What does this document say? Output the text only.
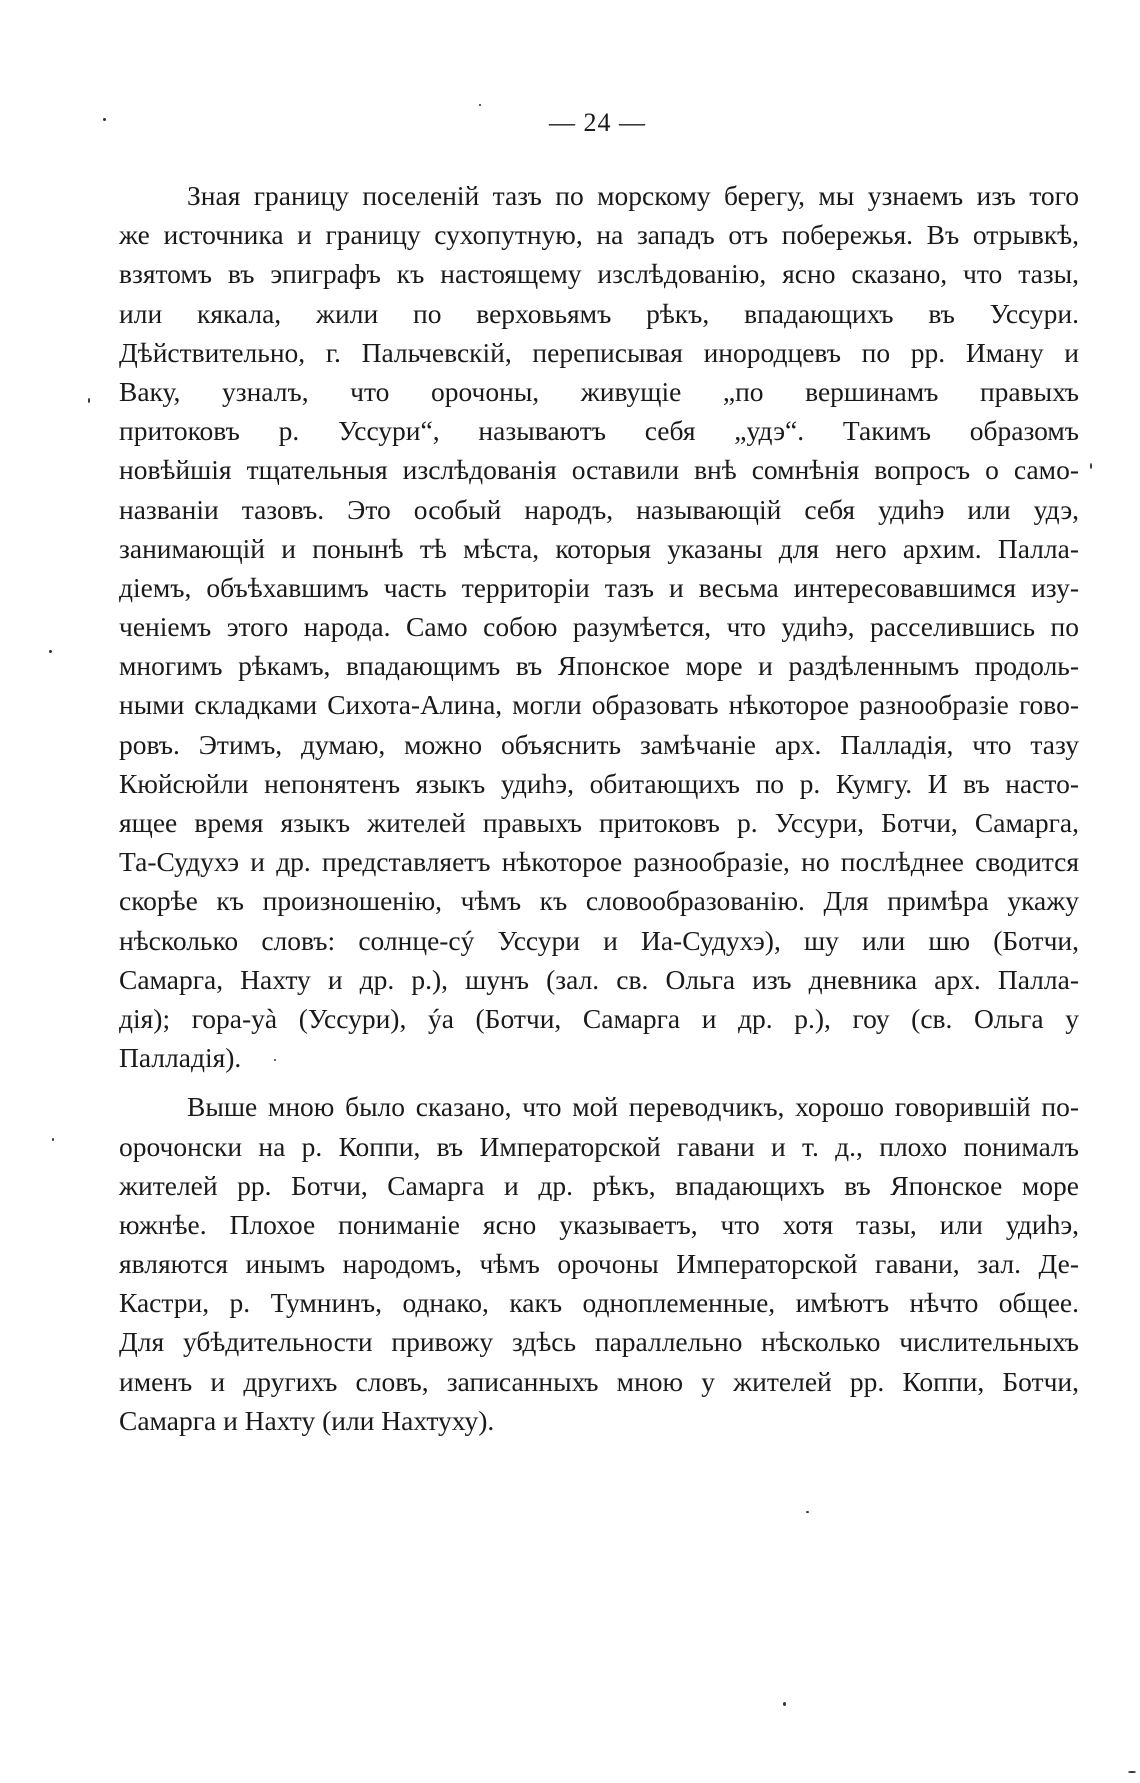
— 24 —
Зная границу поселеній тазъ по морскому берегу, мы узнаемъ изъ того
же источника и границу сухопутную, на западъ отъ побережья. Въ отрывкѣ,
взятомъ въ эпиграфъ къ настоящему изслѣдованію, ясно сказано, что тазы,
или кякала, жили по верховьямъ рѣкъ, впадающихъ въ Уссури.
Дѣйствительно, г. Пальчевскій, переписывая инородцевъ по рр. Иману и
Ваку, узналъ, что орочоны, живущіе „по вершинамъ правыхъ
притоковъ р. Уссури“, называютъ себя „удэ“. Такимъ образомъ
новѣйшія тщательныя изслѣдованія оставили внѣ сомнѣнія вопросъ о само-
названіи тазовъ. Это особый народъ, называющій себя удиhэ или удэ,
занимающій и понынѣ тѣ мѣста, которыя указаны для него архим. Палла-
діемъ, объѣхавшимъ часть территоріи тазъ и весьма интересовавшимся изу-
ченіемъ этого народа. Само собою разумѣется, что удиhэ, расселившись по
многимъ рѣкамъ, впадающимъ въ Японское море и раздѣленнымъ продоль-
ными складками Сихота-Алина, могли образовать нѣкоторое разнообразіе гово-
ровъ. Этимъ, думаю, можно объяснить замѣчаніе арх. Палладія, что тазу
Кюйсюйли непонятенъ языкъ удиhэ, обитающихъ по р. Кумгу. И въ насто-
ящее время языкъ жителей правыхъ притоковъ р. Уссури, Ботчи, Самарга,
Та-Судухэ и др. представляетъ нѣкоторое разнообразіе, но послѣднее сводится
скорѣе къ произношенію, чѣмъ къ словообразованію. Для примѣра укажу
нѣсколько словъ: солнце-сý Уссури и Иа-Судухэ), шу или шю (Ботчи,
Самарга, Нахту и др. р.), шунъ (зал. св. Ольга изъ дневника арх. Палла-
дія); гора-уà (Уссури), ýа (Ботчи, Самарга и др. р.), гоу (св. Ольга у
Палладія).
Выше мною было сказано, что мой переводчикъ, хорошо говорившій по-
орочонски на р. Коппи, въ Императорской гавани и т. д., плохо понималъ
жителей рр. Ботчи, Самарга и др. рѣкъ, впадающихъ въ Японское море
южнѣе. Плохое пониманіе ясно указываетъ, что хотя тазы, или удиhэ,
являются инымъ народомъ, чѣмъ орочоны Императорской гавани, зал. Де-
Кастри, р. Тумнинъ, однако, какъ одноплеменные, имѣютъ нѣчто общее.
Для убѣдительности привожу здѣсь параллельно нѣсколько числительныхъ
именъ и другихъ словъ, записанныхъ мною у жителей рр. Коппи, Ботчи,
Самарга и Нахту (или Нахтуху).
